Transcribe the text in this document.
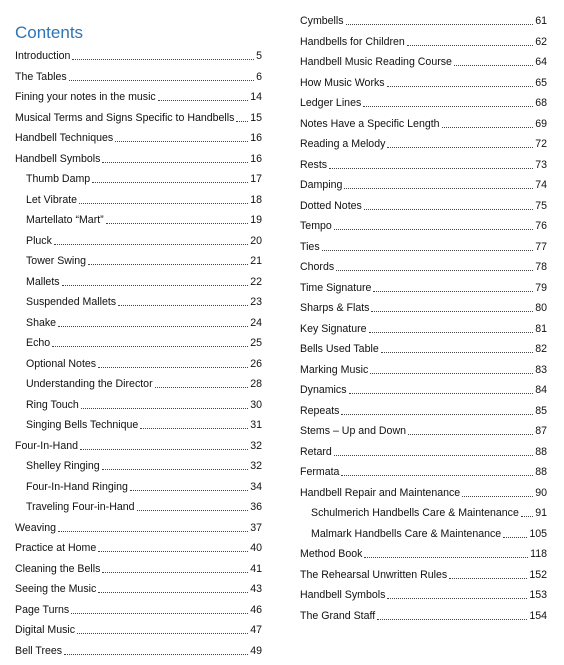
Contents
Introduction	5
The Tables	6
Fining your notes in the music	14
Musical Terms and Signs Specific to Handbells 15
Handbell Techniques	16
Handbell Symbols	16
Thumb Damp	17
Let Vibrate	18
Martellato “Mart”	19
Pluck	20
Tower Swing	21
Mallets	22
Suspended Mallets	23
Shake	24
Echo	25
Optional Notes	26
Understanding the Director	28
Ring Touch	30
Singing Bells Technique	31
Four-In-Hand	32
Shelley Ringing	32
Four-In-Hand Ringing	34
Traveling Four-in-Hand	36
Weaving	37
Practice at Home	40
Cleaning the Bells	41
Seeing the Music	43
Page Turns	46
Digital Music	47
Bell Trees	49
Cymbells	61
Handbells for Children	62
Handbell Music Reading Course	64
How Music Works	65
Ledger Lines	68
Notes Have a Specific Length	69
Reading a Melody	72
Rests	73
Damping	74
Dotted Notes	75
Tempo	76
Ties	77
Chords	78
Time Signature	79
Sharps & Flats	80
Key Signature	81
Bells Used Table	82
Marking Music	83
Dynamics	84
Repeats	85
Stems – Up and Down	87
Retard	88
Fermata	88
Handbell Repair and Maintenance	90
Schulmerich Handbells Care & Maintenance 91
Malmark Handbells Care & Maintenance	105
Method Book	118
The Rehearsal Unwritten Rules	152
Handbell Symbols	153
The Grand Staff	154
